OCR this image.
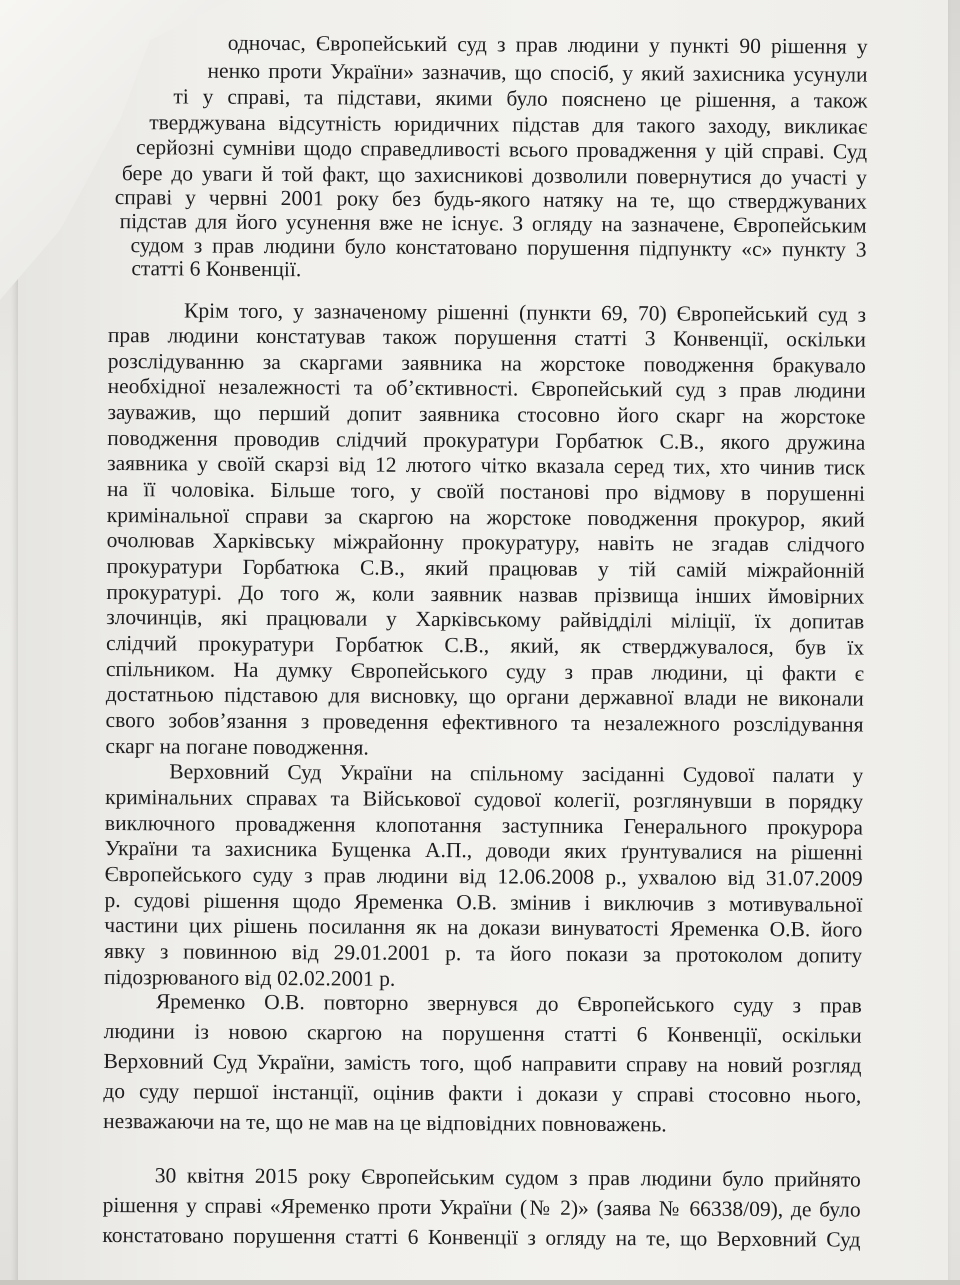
одночас, Європейський суд з прав людини у пункті 90 рішення у
ненко проти України» зазначив, що спосіб, у який захисника усунули
ті у справі, та підстави, якими було пояснено це рішення, а також
тверджувана відсутність юридичних підстав для такого заходу, викликає
серйозні сумніви щодо справедливості всього провадження у цій справі. Суд
бере до уваги й той факт, що захисникові дозволили повернутися до участі у
справі у червні 2001 року без будь-якого натяку на те, що стверджуваних
підстав для його усунення вже не існує. З огляду на зазначене, Європейським
судом з прав людини було констатовано порушення підпункту «с» пункту 3
статті 6 Конвенції.
Крім того, у зазначеному рішенні (пункти 69, 70) Європейський суд з
прав людини констатував також порушення статті 3 Конвенції, оскільки
розслідуванню за скаргами заявника на жорстоке поводження бракувало
необхідної незалежності та об’єктивності. Європейський суд з прав людини
зауважив, що перший допит заявника стосовно його скарг на жорстоке
поводження проводив слідчий прокуратури Горбатюк С.В., якого дружина
заявника у своїй скарзі від 12 лютого чітко вказала серед тих, хто чинив тиск
на її чоловіка. Більше того, у своїй постанові про відмову в порушенні
кримінальної справи за скаргою на жорстоке поводження прокурор, який
очолював Харківську міжрайонну прокуратуру, навіть не згадав слідчого
прокуратури Горбатюка С.В., який працював у тій самій міжрайонній
прокуратурі. До того ж, коли заявник назвав прізвища інших ймовірних
злочинців, які працювали у Харківському райвідділі міліції, їх допитав
слідчий прокуратури Горбатюк С.В., який, як стверджувалося, був їх
спільником. На думку Європейського суду з прав людини, ці факти є
достатньою підставою для висновку, що органи державної влади не виконали
свого зобов’язання з проведення ефективного та незалежного розслідування
скарг на погане поводження.
Верховний Суд України на спільному засіданні Судової палати у
кримінальних справах та Військової судової колегії, розглянувши в порядку
виключного провадження клопотання заступника Генерального прокурора
України та захисника Бущенка А.П., доводи яких ґрунтувалися на рішенні
Європейського суду з прав людини від 12.06.2008 р., ухвалою від 31.07.2009
р. судові рішення щодо Яременка О.В. змінив і виключив з мотивувальної
частини цих рішень посилання як на докази винуватості Яременка О.В. його
явку з повинною від 29.01.2001 р. та його покази за протоколом допиту
підозрюваного від 02.02.2001 р.
Яременко О.В. повторно звернувся до Європейського суду з прав
людини із новою скаргою на порушення статті 6 Конвенції, оскільки
Верховний Суд України, замість того, щоб направити справу на новий розгляд
до суду першої інстанції, оцінив факти і докази у справі стосовно нього,
незважаючи на те, що не мав на це відповідних повноважень.
30 квітня 2015 року Європейським судом з прав людини було прийнято
рішення у справі «Яременко проти України (№ 2)» (заява № 66338/09), де було
констатовано порушення статті 6 Конвенції з огляду на те, що Верховний Суд
